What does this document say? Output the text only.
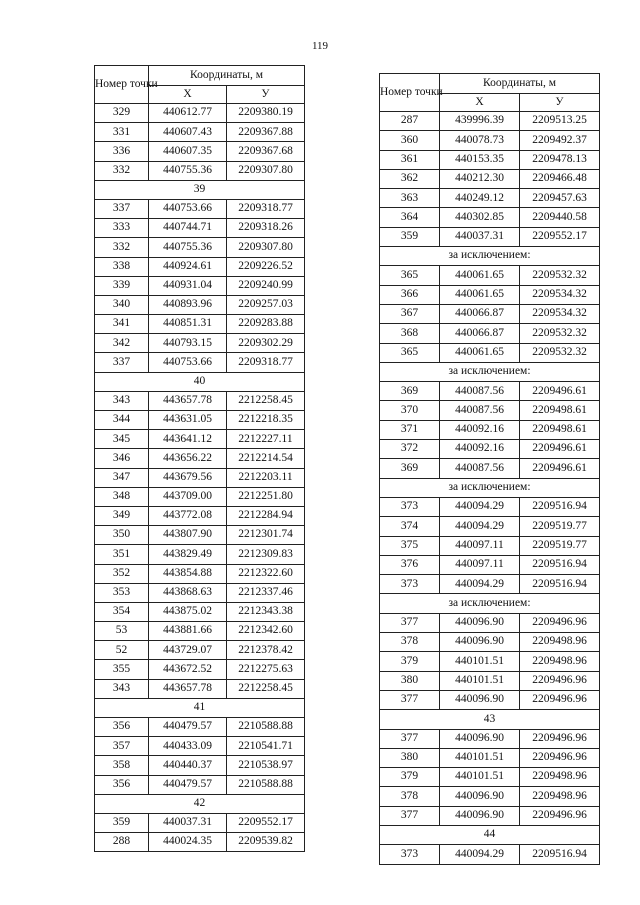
119
Номер точки	Координаты, м	
	Х	У
329	440612.77	2209380.19
331	440607.43	2209367.88
336	440607.35	2209367.68
332	440755.36	2209307.80
39		
337	440753.66	2209318.77
333	440744.71	2209318.26
332	440755.36	2209307.80
338	440924.61	2209226.52
339	440931.04	2209240.99
340	440893.96	2209257.03
341	440851.31	2209283.88
342	440793.15	2209302.29
337	440753.66	2209318.77
40		
343	443657.78	2212258.45
344	443631.05	2212218.35
345	443641.12	2212227.11
346	443656.22	2212214.54
347	443679.56	2212203.11
348	443709.00	2212251.80
349	443772.08	2212284.94
350	443807.90	2212301.74
351	443829.49	2212309.83
352	443854.88	2212322.60
353	443868.63	2212337.46
354	443875.02	2212343.38
53	443881.66	2212342.60
52	443729.07	2212378.42
355	443672.52	2212275.63
343	443657.78	2212258.45
41		
356	440479.57	2210588.88
357	440433.09	2210541.71
358	440440.37	2210538.97
356	440479.57	2210588.88
42		
359	440037.31	2209552.17
288	440024.35	2209539.82
Номер точки	Координаты, м	
	Х	У
287	439996.39	2209513.25
360	440078.73	2209492.37
361	440153.35	2209478.13
362	440212.30	2209466.48
363	440249.12	2209457.63
364	440302.85	2209440.58
359	440037.31	2209552.17
за исключением:		
365	440061.65	2209532.32
366	440061.65	2209534.32
367	440066.87	2209534.32
368	440066.87	2209532.32
365	440061.65	2209532.32
за исключением:		
369	440087.56	2209496.61
370	440087.56	2209498.61
371	440092.16	2209498.61
372	440092.16	2209496.61
369	440087.56	2209496.61
за исключением:		
373	440094.29	2209516.94
374	440094.29	2209519.77
375	440097.11	2209519.77
376	440097.11	2209516.94
373	440094.29	2209516.94
за исключением:		
377	440096.90	2209496.96
378	440096.90	2209498.96
379	440101.51	2209498.96
380	440101.51	2209496.96
377	440096.90	2209496.96
43		
377	440096.90	2209496.96
380	440101.51	2209496.96
379	440101.51	2209498.96
378	440096.90	2209498.96
377	440096.90	2209496.96
44		
373	440094.29	2209516.94
